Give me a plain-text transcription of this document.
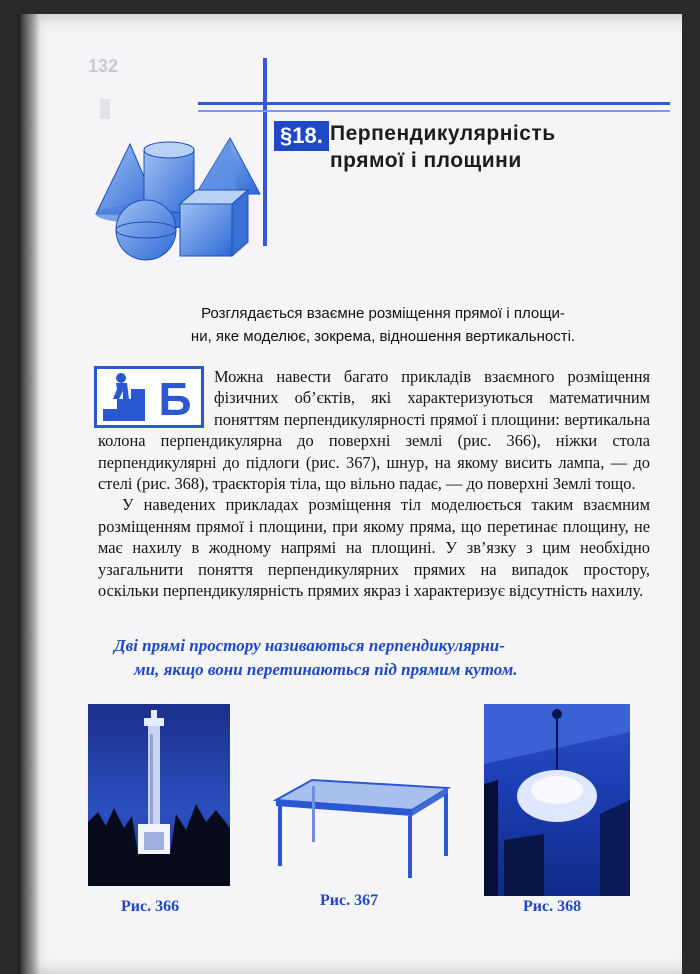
132
§18. Перпендикулярність
прямої і площини
Розглядається взаємне розміщення прямої і площи-
ни, яке моделює, зокрема, відношення вертикальності.
Б	Можна навести багато прикладів взаємного розміщення фізичних об’єктів, які характеризуються математичним поняттям перпендикулярності прямої і площини: вертикальна колона перпендикулярна до поверхні землі (рис. 366), ніжки стола перпендикулярні до підлоги (рис. 367), шнур, на якому висить лампа, — до стелі (рис. 368), траєкторія тіла, що вільно падає, — до поверхні Землі тощо.

У наведених прикладах розміщення тіл моделюється таким взаємним розміщенням прямої і площини, при якому пряма, що перетинає площину, не має нахилу в жодному напрямі на площині. У зв’язку з цим необхідно узагальнити поняття перпендикулярних прямих на випадок простору, оскільки перпендикулярність прямих якраз і характеризує відсутність нахилу.

Дві прямі простору називаються перпендикулярни-
ми, якщо вони перетинаються під прямим кутом.
Рис. 366	Рис. 367	Рис. 368
